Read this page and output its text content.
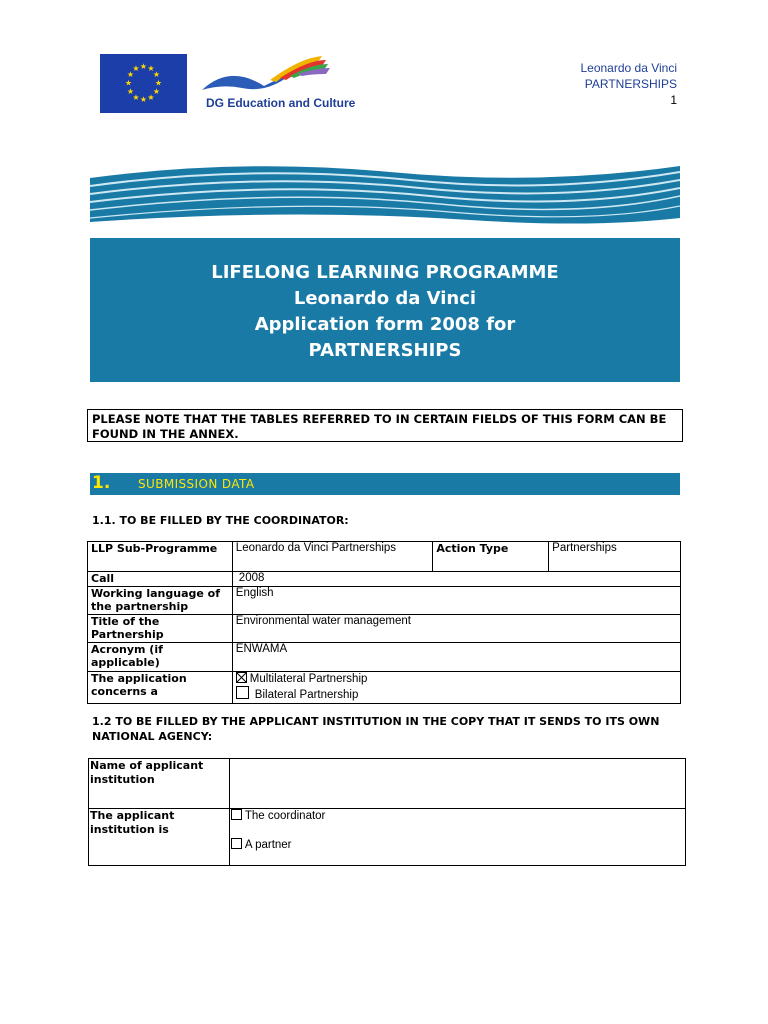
★ ★
★
★
★
★
★
★
★
★
★
★
DG Education and Culture
Leonardo da Vinci
PARTNERSHIPS
1
LIFELONG LEARNING PROGRAMME
Leonardo da Vinci
Application form 2008 for
PARTNERSHIPS
PLEASE NOTE THAT THE TABLES REFERRED TO IN CERTAIN FIELDS OF THIS FORM CAN BE FOUND IN THE ANNEX.
1. SUBMISSION DATA
1.1. TO BE FILLED BY THE COORDINATOR:
LLP Sub-Programme	Leonardo da Vinci Partnerships	Action Type	Partnerships
Call	2008		
Working language of the partnership	English		
Title of the Partnership	Environmental water management		
Acronym (if applicable)	ENWAMA		
The application concerns a	Multilateral Partnership
Bilateral Partnership		
1.2 TO BE FILLED BY THE APPLICANT INSTITUTION IN THE COPY THAT IT SENDS TO ITS OWN NATIONAL AGENCY:
Name of applicant institution	
The applicant institution is	The coordinator
A partner
